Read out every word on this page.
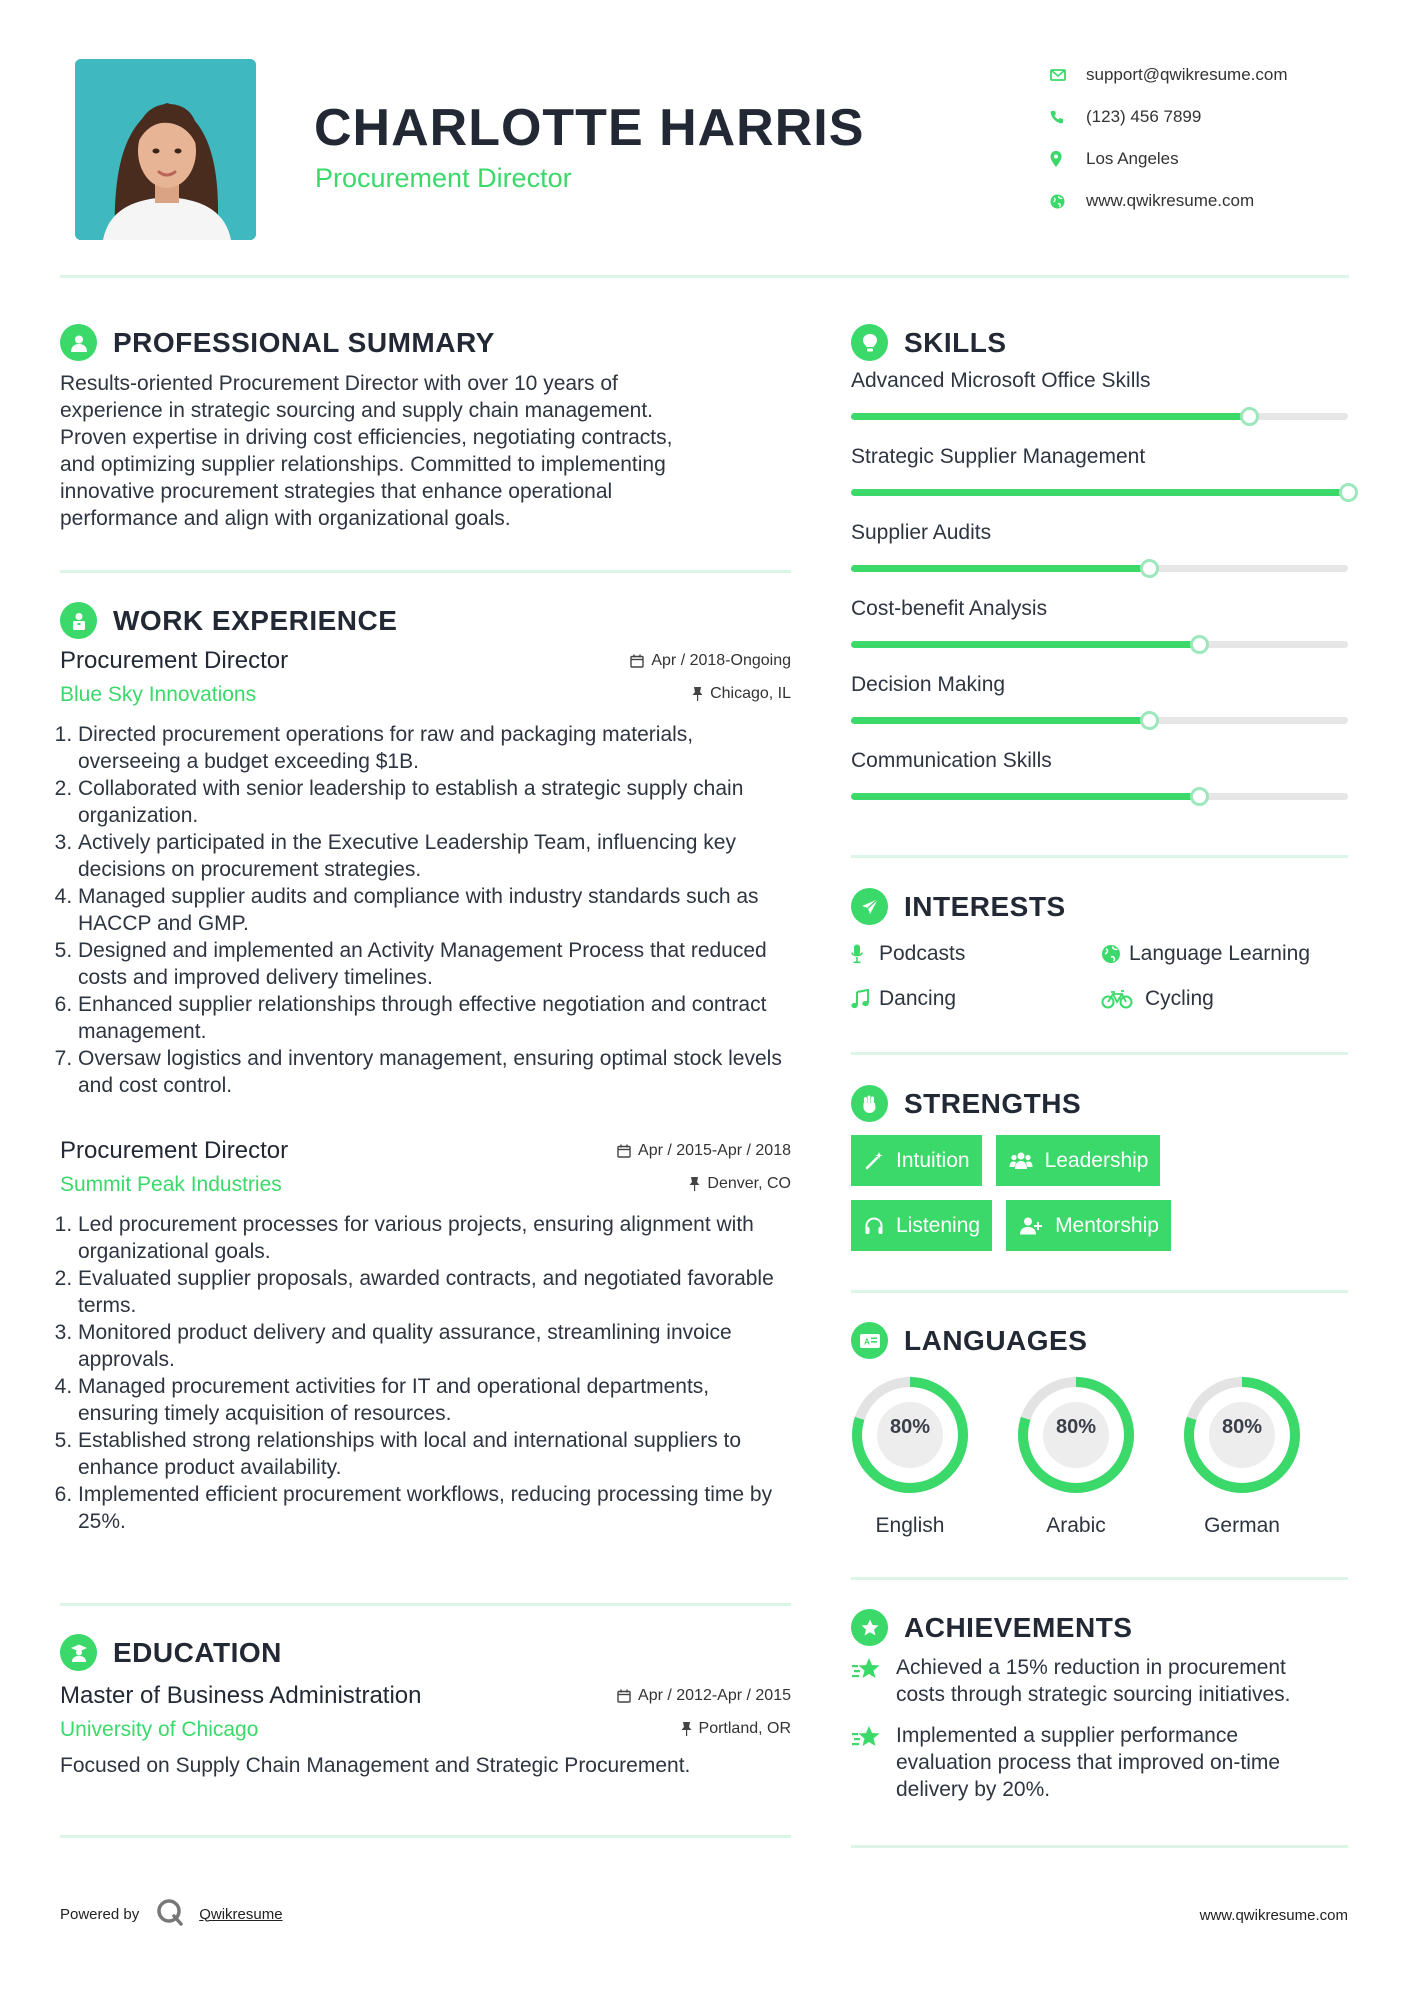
CHARLOTTE HARRIS
Procurement Director
support@qwikresume.com
(123) 456 7899
Los Angeles
www.qwikresume.com
PROFESSIONAL SUMMARY
Results-oriented Procurement Director with over 10 years of
experience in strategic sourcing and supply chain management.
Proven expertise in driving cost efficiencies, negotiating contracts,
and optimizing supplier relationships. Committed to implementing
innovative procurement strategies that enhance operational
performance and align with organizational goals.
WORK EXPERIENCE
Procurement Director	Apr / 2018-Ongoing
Blue Sky Innovations	Chicago, IL
1. Directed procurement operations for raw and packaging materials, overseeing a budget exceeding $1B.
2. Collaborated with senior leadership to establish a strategic supply chain organization.
3. Actively participated in the Executive Leadership Team, influencing key decisions on procurement strategies.
4. Managed supplier audits and compliance with industry standards such as HACCP and GMP.
5. Designed and implemented an Activity Management Process that reduced costs and improved delivery timelines.
6. Enhanced supplier relationships through effective negotiation and contract management.
7. Oversaw logistics and inventory management, ensuring optimal stock levels and cost control.
Procurement Director	Apr / 2015-Apr / 2018
Summit Peak Industries	Denver, CO
1. Led procurement processes for various projects, ensuring alignment with organizational goals.
2. Evaluated supplier proposals, awarded contracts, and negotiated favorable terms.
3. Monitored product delivery and quality assurance, streamlining invoice approvals.
4. Managed procurement activities for IT and operational departments, ensuring timely acquisition of resources.
5. Established strong relationships with local and international suppliers to enhance product availability.
6. Implemented efficient procurement workflows, reducing processing time by 25%.
EDUCATION
Master of Business Administration	Apr / 2012-Apr / 2015
University of Chicago	Portland, OR
Focused on Supply Chain Management and Strategic Procurement.
SKILLS
Advanced Microsoft Office Skills
Strategic Supplier Management
Supplier Audits
Cost-benefit Analysis
Decision Making
Communication Skills
INTERESTS
Podcasts	Language Learning
Dancing	Cycling
STRENGTHS
Intuition	Leadership
Listening	Mentorship
A LANGUAGES
80%
English
80%
Arabic
80%
German
ACHIEVEMENTS
Achieved a 15% reduction in procurement
costs through strategic sourcing initiatives.
Implemented a supplier performance
evaluation process that improved on-time
delivery by 20%.
Powered by	Qwikresume	www.qwikresume.com
